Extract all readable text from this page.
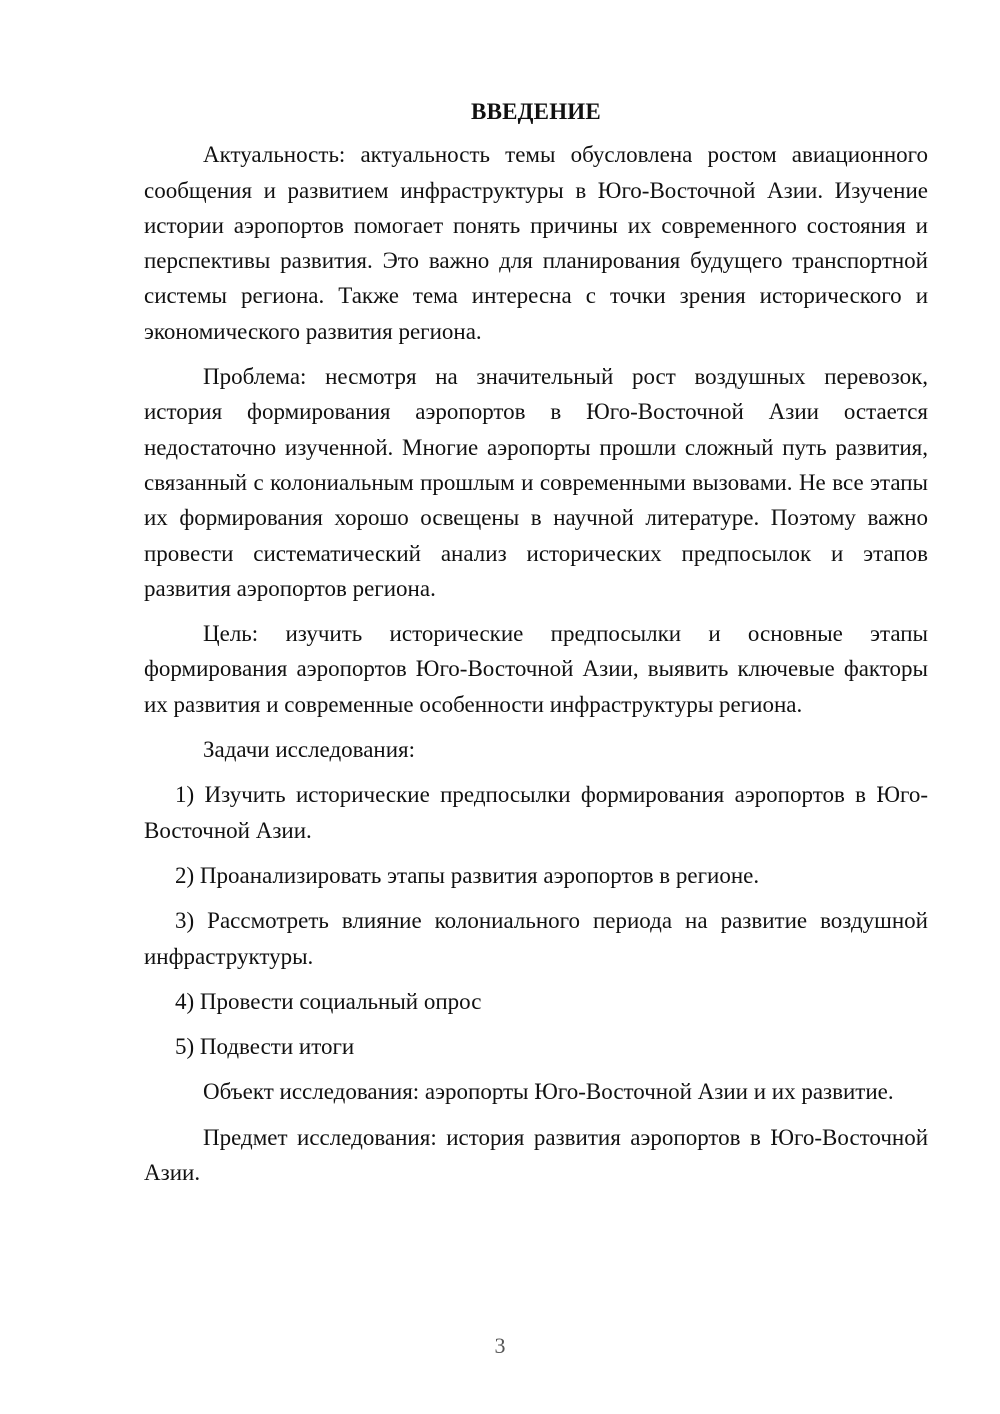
ВВЕДЕНИЕ

Актуальность: актуальность темы обусловлена ростом авиационного сообщения и развитием инфраструктуры в Юго-Восточной Азии. Изучение истории аэропортов помогает понять причины их современного состояния и перспективы развития. Это важно для планирования будущего транспортной системы региона. Также тема интересна с точки зрения исторического и экономического развития региона.

Проблема: несмотря на значительный рост воздушных перевозок, история формирования аэропортов в Юго-Восточной Азии остается недостаточно изученной. Многие аэропорты прошли сложный путь развития, связанный с колониальным прошлым и современными вызовами. Не все этапы их формирования хорошо освещены в научной литературе. Поэтому важно провести систематический анализ исторических предпосылок и этапов развития аэропортов региона.

Цель: изучить исторические предпосылки и основные этапы формирования аэропортов Юго-Восточной Азии, выявить ключевые факторы их развития и современные особенности инфраструктуры региона.

Задачи исследования:

1) Изучить исторические предпосылки формирования аэропортов в Юго-Восточной Азии.

2) Проанализировать этапы развития аэропортов в регионе.

3) Рассмотреть влияние колониального периода на развитие воздушной инфраструктуры.

4) Провести социальный опрос

5) Подвести итоги

Объект исследования: аэропорты Юго-Восточной Азии и их развитие.

Предмет исследования: история развития аэропортов в Юго-Восточной Азии.

3
